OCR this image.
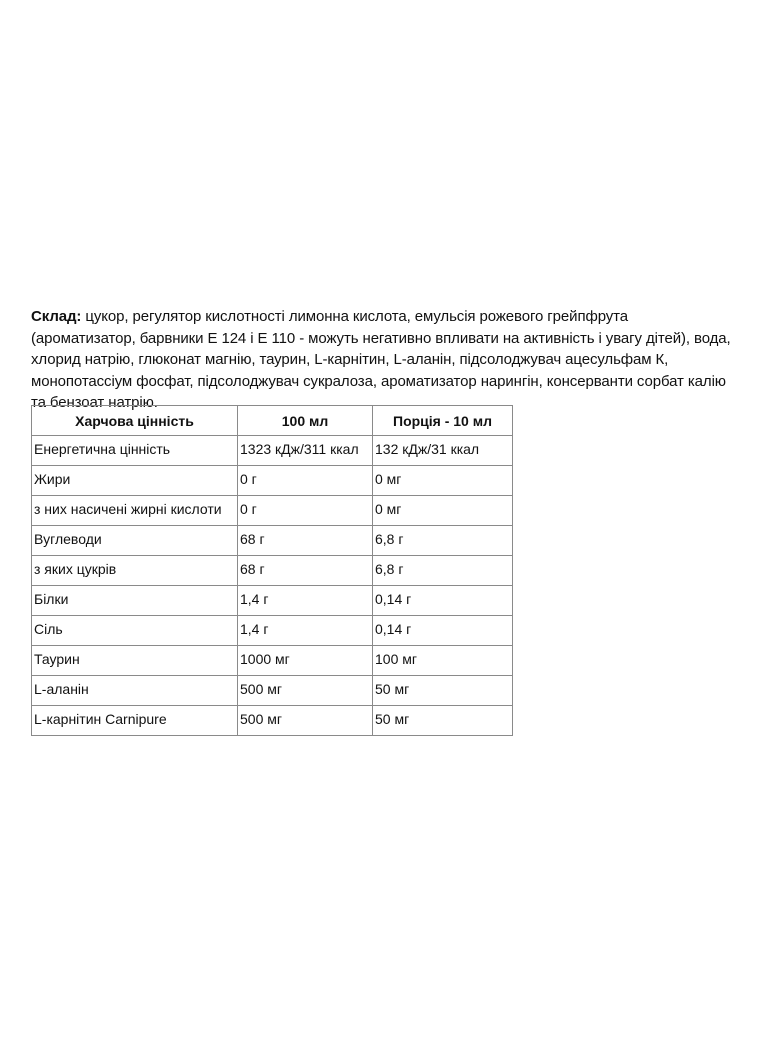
Склад: цукор, регулятор кислотності лимонна кислота, емульсія рожевого грейпфрута (ароматизатор, барвники Е 124 і Е 110 - можуть негативно впливати на активність і увагу дітей), вода, хлорид натрію, глюконат магнію, таурин, L-карнітин, L-аланін, підсолоджувач ацесульфам К, монопотассіум фосфат, підсолоджувач сукралоза, ароматизатор нарингін, консерванти сорбат калію та бензоат натрію.

Харчова цінність	100 мл	Порція - 10 мл
Енергетична цінність	1323 кДж/311 ккал	132 кДж/31 ккал
Жири	0 г	0 мг
з них насичені жирні кислоти	0 г	0 мг
Вуглеводи	68 г	6,8 г
з яких цукрів	68 г	6,8 г
Білки	1,4 г	0,14 г
Сіль	1,4 г	0,14 г
Таурин	1000 мг	100 мг
L-аланін	500 мг	50 мг
L-карнітин Carnipure	500 мг	50 мг
